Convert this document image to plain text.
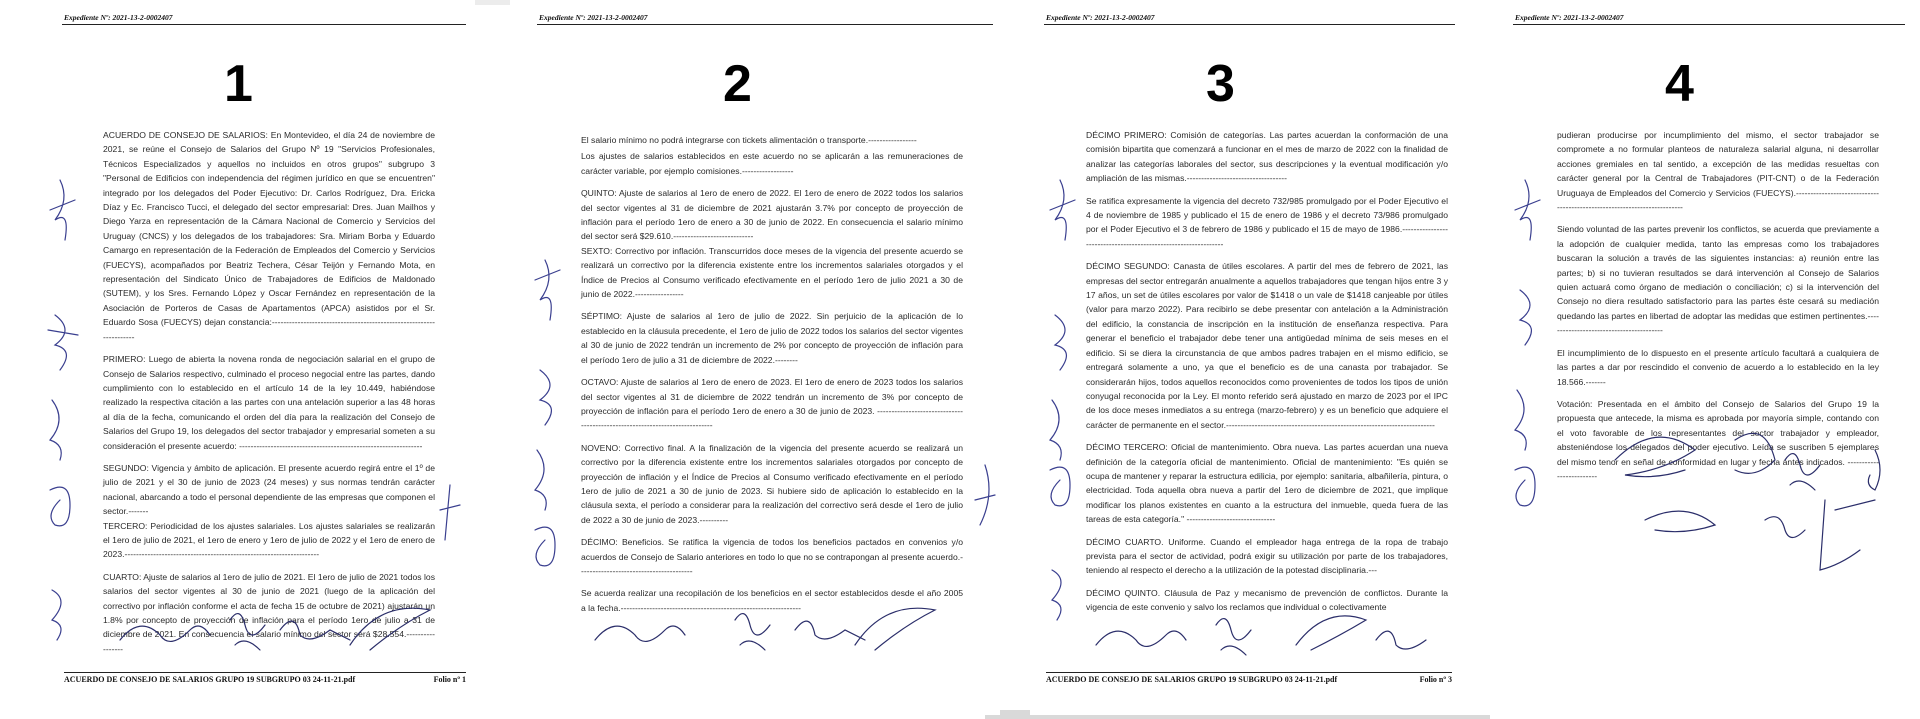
Expediente Nº: 2021-13-2-0002407
1

ACUERDO DE CONSEJO DE SALARIOS: En Montevideo, el día 24 de noviembre de 2021, se reúne el Consejo de Salarios del Grupo Nº 19 "Servicios Profesionales, Técnicos Especializados y aquellos no incluidos en otros grupos" subgrupo 3 "Personal de Edificios con independencia del régimen jurídico en que se encuentren" integrado por los delegados del Poder Ejecutivo: Dr. Carlos Rodríguez, Dra. Ericka Díaz y Ec. Francisco Tucci, el delegado del sector empresarial: Dres. Juan Mailhos y Diego Yarza en representación de la Cámara Nacional de Comercio y Servicios del Uruguay (CNCS) y los delegados de los trabajadores: Sra. Miriam Borba y Eduardo Camargo en representación de la Federación de Empleados del Comercio y Servicios (FUECYS), acompañados por Beatriz Techera, César Teijón y Fernando Mota, en representación del Sindicato Único de Trabajadores de Edificios de Maldonado (SUTEM), y los Sres. Fernando López y Oscar Fernández en representación de la Asociación de Porteros de Casas de Apartamentos (APCA) asistidos por el Sr. Eduardo Sosa (FUECYS) dejan constancia:--------------------------------------------------------------------

PRIMERO: Luego de abierta la novena ronda de negociación salarial en el grupo de Consejo de Salarios respectivo, culminado el proceso negocial entre las partes, dando cumplimiento con lo establecido en el artículo 14 de la ley 10.449, habiéndose realizado la respectiva citación a las partes con una antelación superior a las 48 horas al día de la fecha, comunicando el orden del día para la realización del Consejo de Salarios del Grupo 19, los delegados del sector trabajador y empresarial someten a su consideración el presente acuerdo: ----------------------------------------------------------------

SEGUNDO: Vigencia y ámbito de aplicación. El presente acuerdo regirá entre el 1º de julio de 2021 y el 30 de junio de 2023 (24 meses) y sus normas tendrán carácter nacional, abarcando a todo el personal dependiente de las empresas que componen el sector.-------

TERCERO: Periodicidad de los ajustes salariales. Los ajustes salariales se realizarán el 1ero de julio de 2021, el 1ero de enero y 1ero de julio de 2022 y el 1ero de enero de 2023.--------------------------------------------------------------------

CUARTO: Ajuste de salarios al 1ero de julio de 2021. El 1ero de julio de 2021 todos los salarios del sector vigentes al 30 de junio de 2021 (luego de la aplicación del correctivo por inflación conforme el acta de fecha 15 de octubre de 2021) ajustarán un 1.8% por concepto de proyección de inflación para el período 1ero de julio a 31 de diciembre de 2021. En consecuencia el salario mínimo del sector será $28.554.-----------------

ACUERDO DE CONSEJO DE SALARIOS GRUPO 19 SUBGRUPO 03 24-11-21.pdf	Folio nº 1
Expediente Nº: 2021-13-2-0002407
2

El salario mínimo no podrá integrarse con tickets alimentación o transporte.-----------------

Los ajustes de salarios establecidos en este acuerdo no se aplicarán a las remuneraciones de carácter variable, por ejemplo comisiones.------------------

QUINTO: Ajuste de salarios al 1ero de enero de 2022. El 1ero de enero de 2022 todos los salarios del sector vigentes al 31 de diciembre de 2021 ajustarán 3.7% por concepto de proyección de inflación para el período 1ero de enero a 30 de junio de 2022. En consecuencia el salario mínimo del sector será $29.610.----------------------------

SEXTO: Correctivo por inflación. Transcurridos doce meses de la vigencia del presente acuerdo se realizará un correctivo por la diferencia existente entre los incrementos salariales otorgados y el Índice de Precios al Consumo verificado efectivamente en el período 1ero de julio 2021 a 30 de junio de 2022.-----------------

SÉPTIMO: Ajuste de salarios al 1ero de julio de 2022. Sin perjuicio de la aplicación de lo establecido en la cláusula precedente, el 1ero de julio de 2022 todos los salarios del sector vigentes al 30 de junio de 2022 tendrán un incremento de 2% por concepto de proyección de inflación para el período 1ero de julio a 31 de diciembre de 2022.--------

OCTAVO: Ajuste de salarios al 1ero de enero de 2023. El 1ero de enero de 2023 todos los salarios del sector vigentes al 31 de diciembre de 2022 tendrán un incremento de 3% por concepto de proyección de inflación para el período 1ero de enero a 30 de junio de 2023. ----------------------------------------------------------------------------

NOVENO: Correctivo final. A la finalización de la vigencia del presente acuerdo se realizará un correctivo por la diferencia existente entre los incrementos salariales otorgados por concepto de proyección de inflación y el Índice de Precios al Consumo verificado efectivamente en el período 1ero de julio de 2021 a 30 de junio de 2023. Si hubiere sido de aplicación lo establecido en la cláusula sexta, el período a considerar para la realización del correctivo será desde el 1ero de julio de 2022 a 30 de junio de 2023.----------

DÉCIMO: Beneficios. Se ratifica la vigencia de todos los beneficios pactados en convenios y/o acuerdos de Consejo de Salario anteriores en todo lo que no se contrapongan al presente acuerdo.----------------------------------------

Se acuerda realizar una recopilación de los beneficios en el sector establecidos desde el año 2005 a la fecha.---------------------------------------------------------------

Expediente Nº: 2021-13-2-0002407
3

DÉCIMO PRIMERO: Comisión de categorías. Las partes acuerdan la conformación de una comisión bipartita que comenzará a funcionar en el mes de marzo de 2022 con la finalidad de analizar las categorías laborales del sector, sus descripciones y la eventual modificación y/o ampliación de las mismas.-----------------------------------

Se ratifica expresamente la vigencia del decreto 732/985 promulgado por el Poder Ejecutivo el 4 de noviembre de 1985 y publicado el 15 de enero de 1986 y el decreto 73/986 promulgado por el Poder Ejecutivo el 3 de febrero de 1986 y publicado el 15 de mayo de 1986.----------------------------------------------------------------

DÉCIMO SEGUNDO: Canasta de útiles escolares. A partir del mes de febrero de 2021, las empresas del sector entregarán anualmente a aquellos trabajadores que tengan hijos entre 3 y 17 años, un set de útiles escolares por valor de $1418 o un vale de $1418 canjeable por útiles (valor para marzo 2022). Para recibirlo se debe presentar con antelación a la Administración del edificio, la constancia de inscripción en la institución de enseñanza respectiva. Para generar el beneficio el trabajador debe tener una antigüedad mínima de seis meses en el edificio. Si se diera la circunstancia de que ambos padres trabajen en el mismo edificio, se entregará solamente a uno, ya que el beneficio es de una canasta por trabajador. Se considerarán hijos, todos aquellos reconocidos como provenientes de todos los tipos de unión conyugal reconocida por la Ley. El monto referido será ajustado en marzo de 2023 por el IPC de los doce meses inmediatos a su entrega (marzo-febrero) y es un beneficio que adquiere el carácter de permanente en el sector.-------------------------------------------------------------------------

DÉCIMO TERCERO: Oficial de mantenimiento. Obra nueva. Las partes acuerdan una nueva definición de la categoría oficial de mantenimiento. Oficial de mantenimiento: "Es quién se ocupa de mantener y reparar la estructura edilicia, por ejemplo: sanitaria, albañilería, pintura, o electricidad. Toda aquella obra nueva a partir del 1ero de diciembre de 2021, que implique modificar los planos existentes en cuanto a la estructura del inmueble, queda fuera de las tareas de esta categoría." -------------------------------

DÉCIMO CUARTO. Uniforme. Cuando el empleador haga entrega de la ropa de trabajo prevista para el sector de actividad, podrá exigir su utilización por parte de los trabajadores, teniendo al respecto el derecho a la utilización de la potestad disciplinaria.---

DÉCIMO QUINTO. Cláusula de Paz y mecanismo de prevención de conflictos. Durante la vigencia de este convenio y salvo los reclamos que individual o colectivamente

ACUERDO DE CONSEJO DE SALARIOS GRUPO 19 SUBGRUPO 03 24-11-21.pdf	Folio nº 3
Expediente Nº: 2021-13-2-0002407
4

pudieran producirse por incumplimiento del mismo, el sector trabajador se compromete a no formular planteos de naturaleza salarial alguna, ni desarrollar acciones gremiales en tal sentido, a excepción de las medidas resueltas con carácter general por la Central de Trabajadores (PIT-CNT) o de la Federación Uruguaya de Empleados del Comercio y Servicios (FUECYS).-------------------------------------------------------------------------

Siendo voluntad de las partes prevenir los conflictos, se acuerda que previamente a la adopción de cualquier medida, tanto las empresas como los trabajadores buscaran la solución a través de las siguientes instancias: a) reunión entre las partes; b) si no tuvieran resultados se dará intervención al Consejo de Salarios quien actuará como órgano de mediación o conciliación; c) si la intervención del Consejo no diera resultado satisfactorio para las partes éste cesará su mediación quedando las partes en libertad de adoptar las medidas que estimen pertinentes.-----------------------------------------

El incumplimiento de lo dispuesto en el presente artículo facultará a cualquiera de las partes a dar por rescindido el convenio de acuerdo a lo establecido en la ley 18.566.-------

Votación: Presentada en el ámbito del Consejo de Salarios del Grupo 19 la propuesta que antecede, la misma es aprobada por mayoría simple, contando con el voto favorable de los representantes del sector trabajador y empleador, absteniéndose los delegados del poder ejecutivo. Leída se suscriben 5 ejemplares del mismo tenor en señal de conformidad en lugar y fecha antes indicados. -------------------------
